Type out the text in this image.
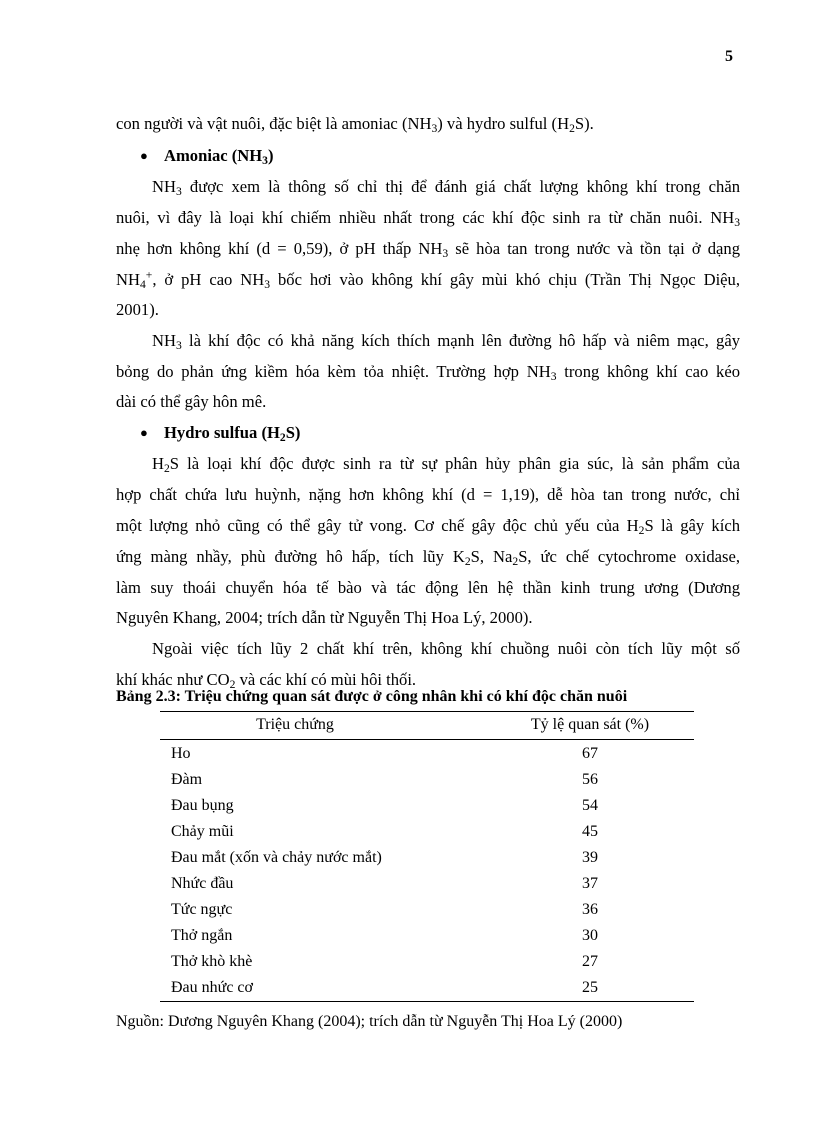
5
con người và vật nuôi, đặc biệt là amoniac $(NH_3)$ và hydro sulful $(H_2S)$.
● Amoniac $(NH_3)$
$NH_3$ được xem là thông số chỉ thị để đánh giá chất lượng không khí trong chăn
nuôi, vì đây là loại khí chiếm nhiều nhất trong các khí độc sinh ra từ chăn nuôi. $NH_3$
nhẹ hơn không khí (d = 0,59), ở pH thấp $NH_3$ sẽ hòa tan trong nước và tồn tại ở dạng
$NH_4^+$, ở pH cao $NH_3$ bốc hơi vào không khí gây mùi khó chịu (Trần Thị Ngọc Diệu,
2001).
$NH_3$ là khí độc có khả năng kích thích mạnh lên đường hô hấp và niêm mạc, gây
bỏng do phản ứng kiềm hóa kèm tỏa nhiệt. Trường hợp $NH_3$ trong không khí cao kéo
dài có thể gây hôn mê.
● Hydro sulfua $(H_2S)$
$H_2S$ là loại khí độc được sinh ra từ sự phân hủy phân gia súc, là sản phẩm của
hợp chất chứa lưu huỳnh, nặng hơn không khí (d = 1,19), dễ hòa tan trong nước, chỉ
một lượng nhỏ cũng có thể gây tử vong. Cơ chế gây độc chủ yếu của $H_2S$ là gây kích
ứng màng nhầy, phù đường hô hấp, tích lũy $K_2S$, $Na_2S$, ức chế cytochrome oxidase,
làm suy thoái chuyển hóa tế bào và tác động lên hệ thần kinh trung ương (Dương
Nguyên Khang, 2004; trích dẫn từ Nguyễn Thị Hoa Lý, 2000).
Ngoài việc tích lũy 2 chất khí trên, không khí chuồng nuôi còn tích lũy một số
khí khác như $CO_2$ và các khí có mùi hôi thối.
Bảng 2.3: Triệu chứng quan sát được ở công nhân khi có khí độc chăn nuôi
Triệu chứng	Tỷ lệ quan sát (%)
Ho	67
Đàm	56
Đau bụng	54
Chảy mũi	45
Đau mắt (xốn và chảy nước mắt)	39
Nhức đầu	37
Tức ngực	36
Thở ngắn	30
Thở khò khè	27
Đau nhức cơ	25
Nguồn: Dương Nguyên Khang (2004); trích dẫn từ Nguyễn Thị Hoa Lý (2000)
